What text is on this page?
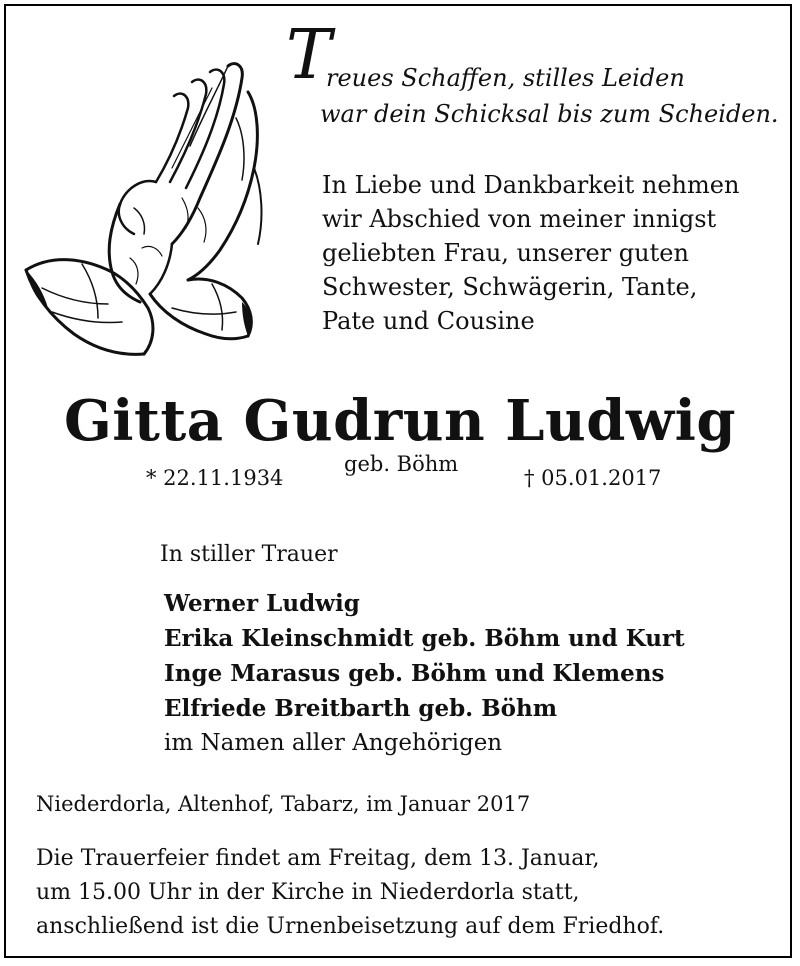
T
reues Schaffen, stilles Leiden
war dein Schicksal bis zum Scheiden.
In Liebe und Dankbarkeit nehmen
wir Abschied von meiner innigst
geliebten Frau, unserer guten
Schwester, Schwägerin, Tante,
Pate und Cousine
Gitta Gudrun Ludwig
* 22.11.1934
geb. Böhm
† 05.01.2017
In stiller Trauer
Werner Ludwig
Erika Kleinschmidt geb. Böhm und Kurt
Inge Marasus geb. Böhm und Klemens
Elfriede Breitbarth geb. Böhm
im Namen aller Angehörigen
Niederdorla, Altenhof, Tabarz, im Januar 2017
Die Trauerfeier findet am Freitag, dem 13. Januar,
um 15.00 Uhr in der Kirche in Niederdorla statt,
anschließend ist die Urnenbeisetzung auf dem Friedhof.
